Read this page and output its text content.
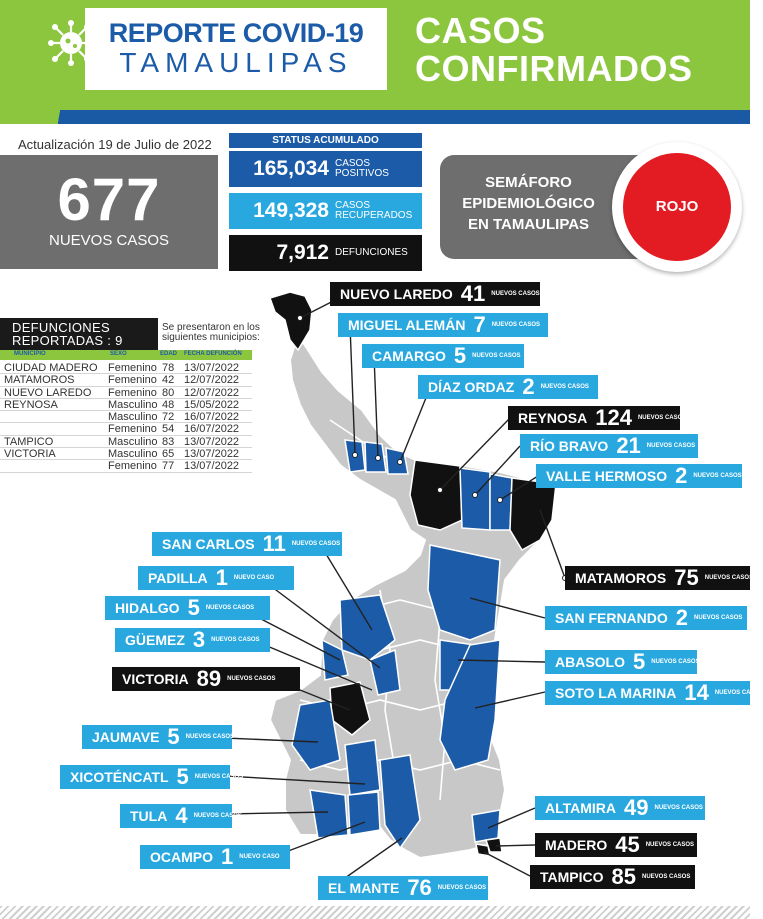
REPORTE COVID-19
TAMAULIPAS
CASOS
CONFIRMADOS
Actualización 19 de Julio de 2022
677
NUEVOS CASOS
STATUS ACUMULADO
165,034 CASOS
POSITIVOS
149,328 CASOS
RECUPERADOS
7,912 DEFUNCIONES
SEMÁFORO
EPIDEMIOLÓGICO
EN TAMAULIPAS
ROJO
DEFUNCIONES
REPORTADAS : 9
Se presentaron en los siguientes municipios:
MUNICIPIO	SEXO	EDAD FECHA DEFUNCIÓN
CIUDAD MADERO Femenino 78 13/07/2022
MATAMOROS	Femenino 42 12/07/2022
NUEVO LAREDO Femenino 80 12/07/2022
REYNOSA	Masculino 48 15/05/2022
Masculino 72 16/07/2022
Femenino 54 16/07/2022
TAMPICO	Masculino 83 13/07/2022
VICTORIA	Masculino 65 13/07/2022
Femenino 77 13/07/2022
NUEVO LAREDO 41 NUEVOS CASOS
MIGUEL ALEMÁN 7 NUEVOS CASOS
CAMARGO 5 NUEVOS CASOS
DÍAZ ORDAZ 2 NUEVOS CASOS
REYNOSA 124 NUEVOS CASOS
RÍO BRAVO 21 NUEVOS CASOS
VALLE HERMOSO 2 NUEVOS CASOS
SAN CARLOS 11 NUEVOS CASOS
PADILLA 1 NUEVO CASO
HIDALGO 5 NUEVOS CASOS
GÜEMEZ 3 NUEVOS CASOS
VICTORIA 89 NUEVOS CASOS
JAUMAVE 5 NUEVOS CASOS
XICOTÉNCATL 5 NUEVOS CASOS
TULA 4 NUEVOS CASOS
OCAMPO 1 NUEVO CASO
EL MANTE 76 NUEVOS CASOS
MATAMOROS 75 NUEVOS CASOS
SAN FERNANDO 2 NUEVOS CASOS
ABASOLO 5 NUEVOS CASOS
SOTO LA MARINA 14 NUEVOS CASOS
ALTAMIRA 49 NUEVOS CASOS
MADERO 45 NUEVOS CASOS
TAMPICO 85 NUEVOS CASOS
